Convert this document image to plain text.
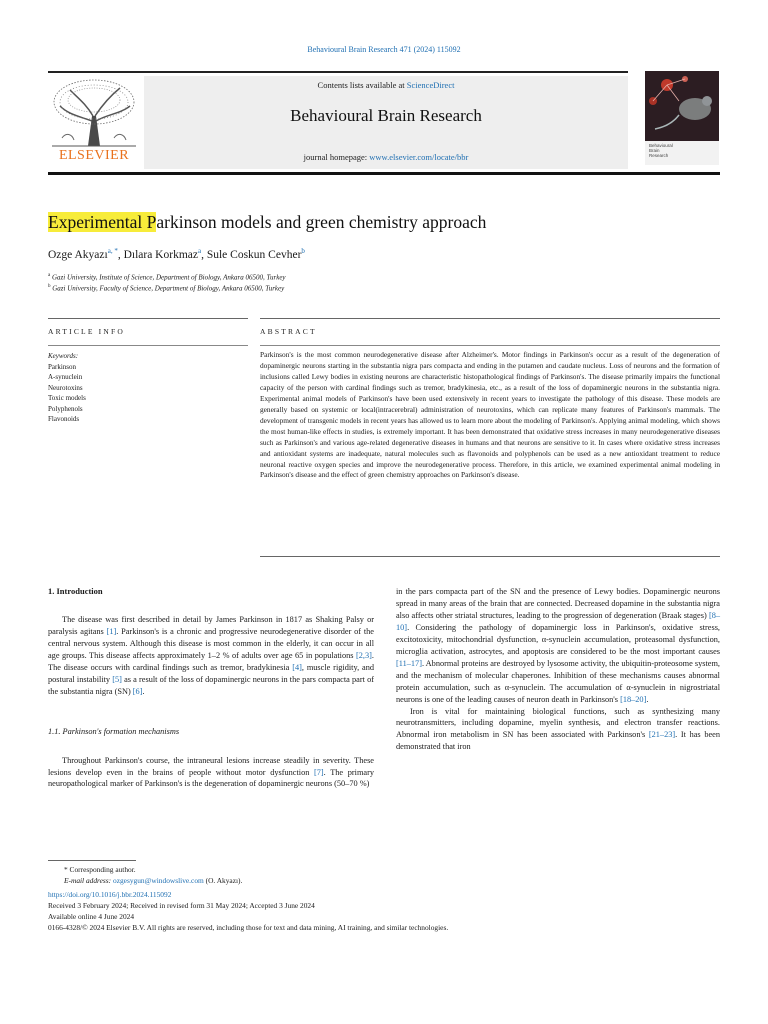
Behavioural Brain Research 471 (2024) 115092
ELSEVIER
Contents lists available at ScienceDirect
Behavioural Brain Research
journal homepage: www.elsevier.com/locate/bbr
Behavioural
Brain
Research
Experimental Parkinson models and green chemistry approach
Ozge Akyazı$^{a, *}$, Dılara Korkmaz$^a$, Sule Coskun Cevher$^b$
$^a$ Gazi University, Institute of Science, Department of Biology, Ankara 06500, Turkey
$^b$ Gazi University, Faculty of Science, Department of Biology, Ankara 06500, Turkey
ARTICLE INFO	ABSTRACT
Keywords:
Parkinson
A-synuclein
Neurotoxins
Toxic models
Polyphenols
Flavonoids
Parkinson's is the most common neurodegenerative disease after Alzheimer's. Motor findings in Parkinson's occur as a result of the degeneration of dopaminergic neurons starting in the substantia nigra pars compacta and ending in the putamen and caudate nucleus. Loss of neurons and the formation of inclusions called Lewy bodies in existing neurons are characteristic histopathological findings of Parkinson's. The disease primarily impairs the functional capacity of the person with cardinal findings such as tremor, bradykinesia, etc., as a result of the loss of dopaminergic neurons in the substantia nigra. Experimental animal models of Parkinson's have been used extensively in recent years to investigate the pathology of this disease. These models are generally based on systemic or local(intracerebral) administration of neurotoxins, which can replicate many features of Parkinson's mammals. The development of transgenic models in recent years has allowed us to learn more about the modeling of Parkinson's. Applying animal modeling, which shows the most human-like effects in studies, is extremely important. It has been demonstrated that oxidative stress increases in many neurodegenerative diseases such as Parkinson's and various age-related degenerative diseases in humans and that neurons are sensitive to it. In cases where oxidative stress increases and antioxidant systems are inadequate, natural molecules such as flavonoids and polyphenols can be used as a new antioxidant treatment to reduce neuronal reactive oxygen species and improve the neurodegenerative process. Therefore, in this article, we examined experimental animal modeling in Parkinson's disease and the effect of green chemistry approaches on Parkinson's disease.

1. Introduction

The disease was first described in detail by James Parkinson in 1817 as Shaking Palsy or paralysis agitans [1]. Parkinson's is a chronic and progressive neurodegenerative disorder of the central nervous system. Although this disease is most common in the elderly, it can occur in all age groups. This disease affects approximately 1–2 % of adults over age 65 in populations [2,3]. The disease occurs with cardinal findings such as tremor, bradykinesia [4], muscle rigidity, and postural instability [5] as a result of the loss of dopaminergic neurons in the pars compacta part of the substantia nigra (SN) [6].

1.1. Parkinson's formation mechanisms

Throughout Parkinson's course, the intraneural lesions increase steadily in severity. These lesions develop even in the brains of people without motor dysfunction [7]. The primary neuropathological marker of Parkinson's is the degeneration of dopaminergic neurons (50–70 %)

in the pars compacta part of the SN and the presence of Lewy bodies. Dopaminergic neurons spread in many areas of the brain that are connected. Decreased dopamine in the substantia nigra also affects other striatal structures, leading to the progression of degeneration (Braak stages) [8–10]. Considering the pathology of dopaminergic loss in Parkinson's, oxidative stress, excitotoxicity, mitochondrial dysfunction, α-synuclein accumulation, proteasomal dysfunction, microglia activation, astrocytes, and apoptosis are considered to be the most important causes [11–17]. Abnormal proteins are destroyed by lysosome activity, the ubiquitin-proteosome system, and the mechanism of molecular chaperones. Inhibition of these mechanisms causes abnormal protein accumulation, such as α-synuclein. The accumulation of α-synuclein in nigrostriatal neurons is one of the leading causes of neuron death in Parkinson's [18–20].

Iron is vital for maintaining biological functions, such as synthesizing many neurotransmitters, including dopamine, myelin synthesis, and electron transfer reactions. Abnormal iron metabolism in SN has been associated with Parkinson's [21–23]. It has been demonstrated that iron

* Corresponding author.
E-mail address: ozgesygun@windowslive.com (O. Akyazı).
https://doi.org/10.1016/j.bbr.2024.115092
Received 3 February 2024; Received in revised form 31 May 2024; Accepted 3 June 2024
Available online 4 June 2024
0166-4328/© 2024 Elsevier B.V. All rights are reserved, including those for text and data mining, AI training, and similar technologies.
